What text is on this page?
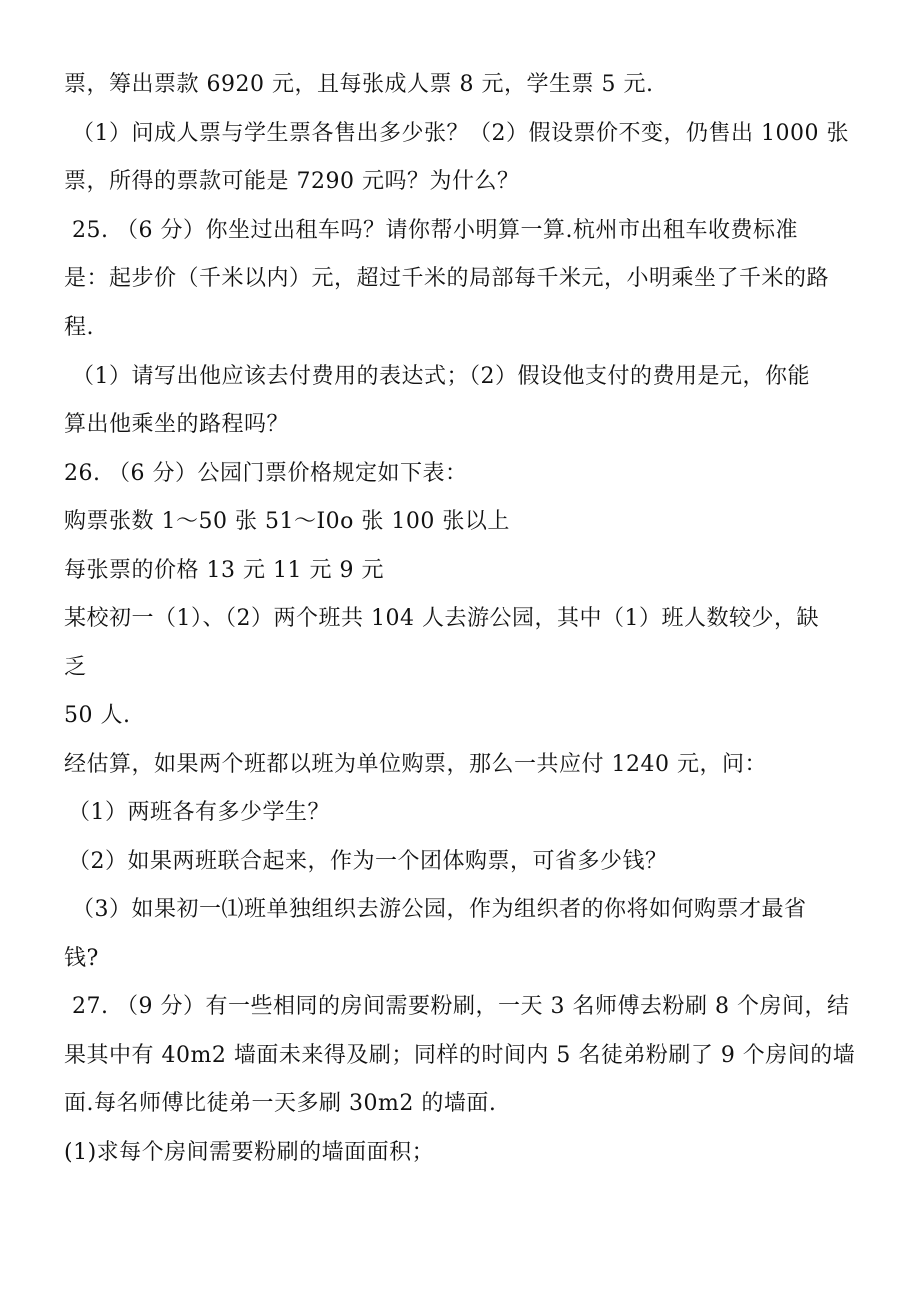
票，筹出票款 6920 元，且每张成人票 8 元，学生票 5 元.
（1）问成人票与学生票各售出多少张？（2）假设票价不变，仍售出 1000 张
票，所得的票款可能是 7290 元吗？为什么？
25. （6 分）你坐过出租车吗？请你帮小明算一算.杭州市出租车收费标准
是：起步价（千米以内）元，超过千米的局部每千米元，小明乘坐了千米的路
程.
（1）请写出他应该去付费用的表达式；（2）假设他支付的费用是元，你能
算出他乘坐的路程吗？
26. （6 分）公园门票价格规定如下表：
购票张数 1～50 张 51～I0o 张 100 张以上
每张票的价格 13 元 11 元 9 元
某校初一（1）、（2）两个班共 104 人去游公园，其中（1）班人数较少，缺
乏
50 人.
经估算，如果两个班都以班为单位购票，那么一共应付 1240 元，问：
（1）两班各有多少学生？
（2）如果两班联合起来，作为一个团体购票，可省多少钱？
（3）如果初一⑴班单独组织去游公园，作为组织者的你将如何购票才最省
钱?
27. （9 分）有一些相同的房间需要粉刷，一天 3 名师傅去粉刷 8 个房间，结
果其中有 40m2 墙面未来得及刷；同样的时间内 5 名徒弟粉刷了 9 个房间的墙
面.每名师傅比徒弟一天多刷 30m2 的墙面.
(1)求每个房间需要粉刷的墙面面积；
